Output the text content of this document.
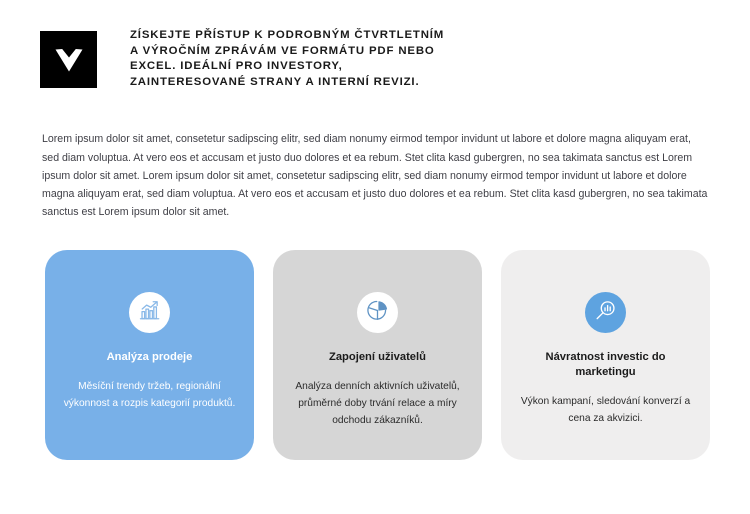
ZÍSKEJTE PŘÍSTUP K PODROBNÝM ČTVRTLETNÍM A VÝROČNÍM ZPRÁVÁM VE FORMÁTU PDF NEBO EXCEL. IDEÁLNÍ PRO INVESTORY, ZAINTERESOVANÉ STRANY A INTERNÍ REVIZI.

Lorem ipsum dolor sit amet, consetetur sadipscing elitr, sed diam nonumy eirmod tempor invidunt ut labore et dolore magna aliquyam erat, sed diam voluptua. At vero eos et accusam et justo duo dolores et ea rebum. Stet clita kasd gubergren, no sea takimata sanctus est Lorem ipsum dolor sit amet. Lorem ipsum dolor sit amet, consetetur sadipscing elitr, sed diam nonumy eirmod tempor invidunt ut labore et dolore magna aliquyam erat, sed diam voluptua. At vero eos et accusam et justo duo dolores et ea rebum. Stet clita kasd gubergren, no sea takimata sanctus est Lorem ipsum dolor sit amet.

Analýza prodeje

Měsíční trendy tržeb, regionální výkonnost a rozpis kategorií produktů.

Zapojení uživatelů

Analýza denních aktivních uživatelů, průměrné doby trvání relace a míry odchodu zákazníků.

Návratnost investic do marketingu

Výkon kampaní, sledování konverzí a cena za akvizici.
